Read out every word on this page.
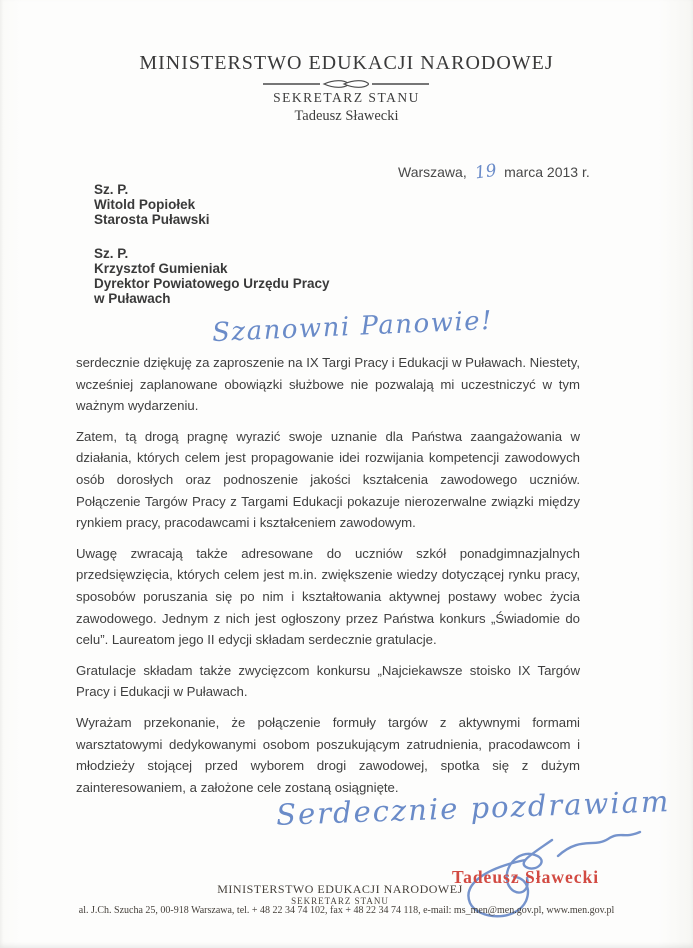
MINISTERSTWO EDUKACJI NARODOWEJ
SEKRETARZ STANU
Tadeusz Sławecki
Warszawa, 19 marca 2013 r.
Sz. P.
Witold Popiołek
Starosta Puławski
Sz. P.
Krzysztof Gumieniak
Dyrektor Powiatowego Urzędu Pracy
w Puławach
Szanowni Panowie!

serdecznie dziękuję za zaproszenie na IX Targi Pracy i Edukacji w Puławach. Niestety, wcześniej zaplanowane obowiązki służbowe nie pozwalają mi uczestniczyć w tym ważnym wydarzeniu.

Zatem, tą drogą pragnę wyrazić swoje uznanie dla Państwa zaangażowania w działania, których celem jest propagowanie idei rozwijania kompetencji zawodowych osób dorosłych oraz podnoszenie jakości kształcenia zawodowego uczniów. Połączenie Targów Pracy z Targami Edukacji pokazuje nierozerwalne związki między rynkiem pracy, pracodawcami i kształceniem zawodowym.

Uwagę zwracają także adresowane do uczniów szkół ponadgimnazjalnych przedsięwzięcia, których celem jest m.in. zwiększenie wiedzy dotyczącej rynku pracy, sposobów poruszania się po nim i kształtowania aktywnej postawy wobec życia zawodowego. Jednym z nich jest ogłoszony przez Państwa konkurs „Świadomie do celu”. Laureatom jego II edycji składam serdecznie gratulacje.

Gratulacje składam także zwycięzcom konkursu „Najciekawsze stoisko IX Targów Pracy i Edukacji w Puławach.

Wyrażam przekonanie, że połączenie formuły targów z aktywnymi formami warsztatowymi dedykowanymi osobom poszukującym zatrudnienia, pracodawcom i młodzieży stojącej przed wyborem drogi zawodowej, spotka się z dużym zainteresowaniem, a założone cele zostaną osiągnięte.

Serdecznie pozdrawiam
Tadeusz Sławecki
MINISTERSTWO EDUKACJI NARODOWEJ
SEKRETARZ STANU
al. J.Ch. Szucha 25, 00-918 Warszawa, tel. + 48 22 34 74 102, fax + 48 22 34 74 118, e-mail: ms_men@men.gov.pl, www.men.gov.pl
